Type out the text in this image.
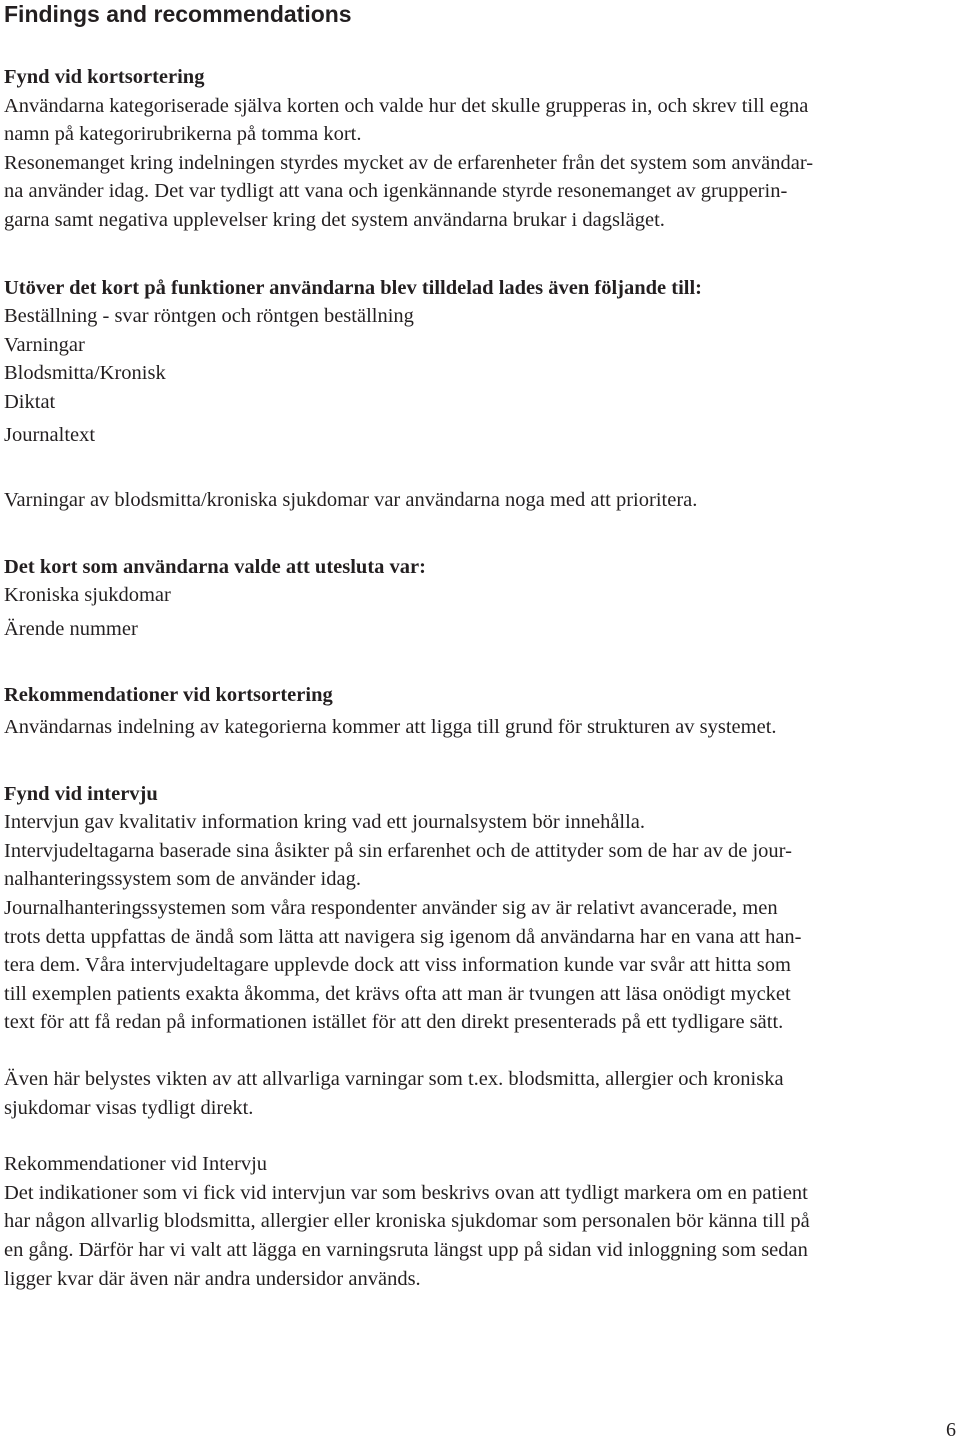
Findings and recommendations
Fynd vid kortsortering
Användarna kategoriserade själva korten och valde hur det skulle grupperas in, och skrev till egna
namn på kategorirubrikerna på tomma kort.
Resonemanget kring indelningen styrdes mycket av de erfarenheter från det system som användar-
na använder idag. Det var tydligt att vana och igenkännande styrde resonemanget av grupperin-
garna samt negativa upplevelser kring det system användarna brukar i dagsläget.
Utöver det kort på funktioner användarna blev tilldelad lades även följande till:
Beställning - svar röntgen och röntgen beställning
Varningar
Blodsmitta/Kronisk
Diktat
Journaltext
Varningar av blodsmitta/kroniska sjukdomar var användarna noga med att prioritera.
Det kort som användarna valde att utesluta var:
Kroniska sjukdomar
Ärende nummer
Rekommendationer vid kortsortering
Användarnas indelning av kategorierna kommer att ligga till grund för strukturen av systemet.
Fynd vid intervju
Intervjun gav kvalitativ information kring vad ett journalsystem bör innehålla.
Intervjudeltagarna baserade sina åsikter på sin erfarenhet och de attityder som de har av de jour-
nalhanteringssystem som de använder idag.
Journalhanteringssystemen som våra respondenter använder sig av är relativt avancerade, men
trots detta uppfattas de ändå som lätta att navigera sig igenom då användarna har en vana att han-
tera dem. Våra intervjudeltagare upplevde dock att viss information kunde var svår att hitta som
till exemplen patients exakta åkomma, det krävs ofta att man är tvungen att läsa onödigt mycket
text för att få redan på informationen istället för att den direkt presenterads på ett tydligare sätt.
Även här belystes vikten av att allvarliga varningar som t.ex. blodsmitta, allergier och kroniska
sjukdomar visas tydligt direkt.
Rekommendationer vid Intervju
Det indikationer som vi fick vid intervjun var som beskrivs ovan att tydligt markera om en patient
har någon allvarlig blodsmitta, allergier eller kroniska sjukdomar som personalen bör känna till på
en gång. Därför har vi valt att lägga en varningsruta längst upp på sidan vid inloggning som sedan
ligger kvar där även när andra undersidor används.
6
